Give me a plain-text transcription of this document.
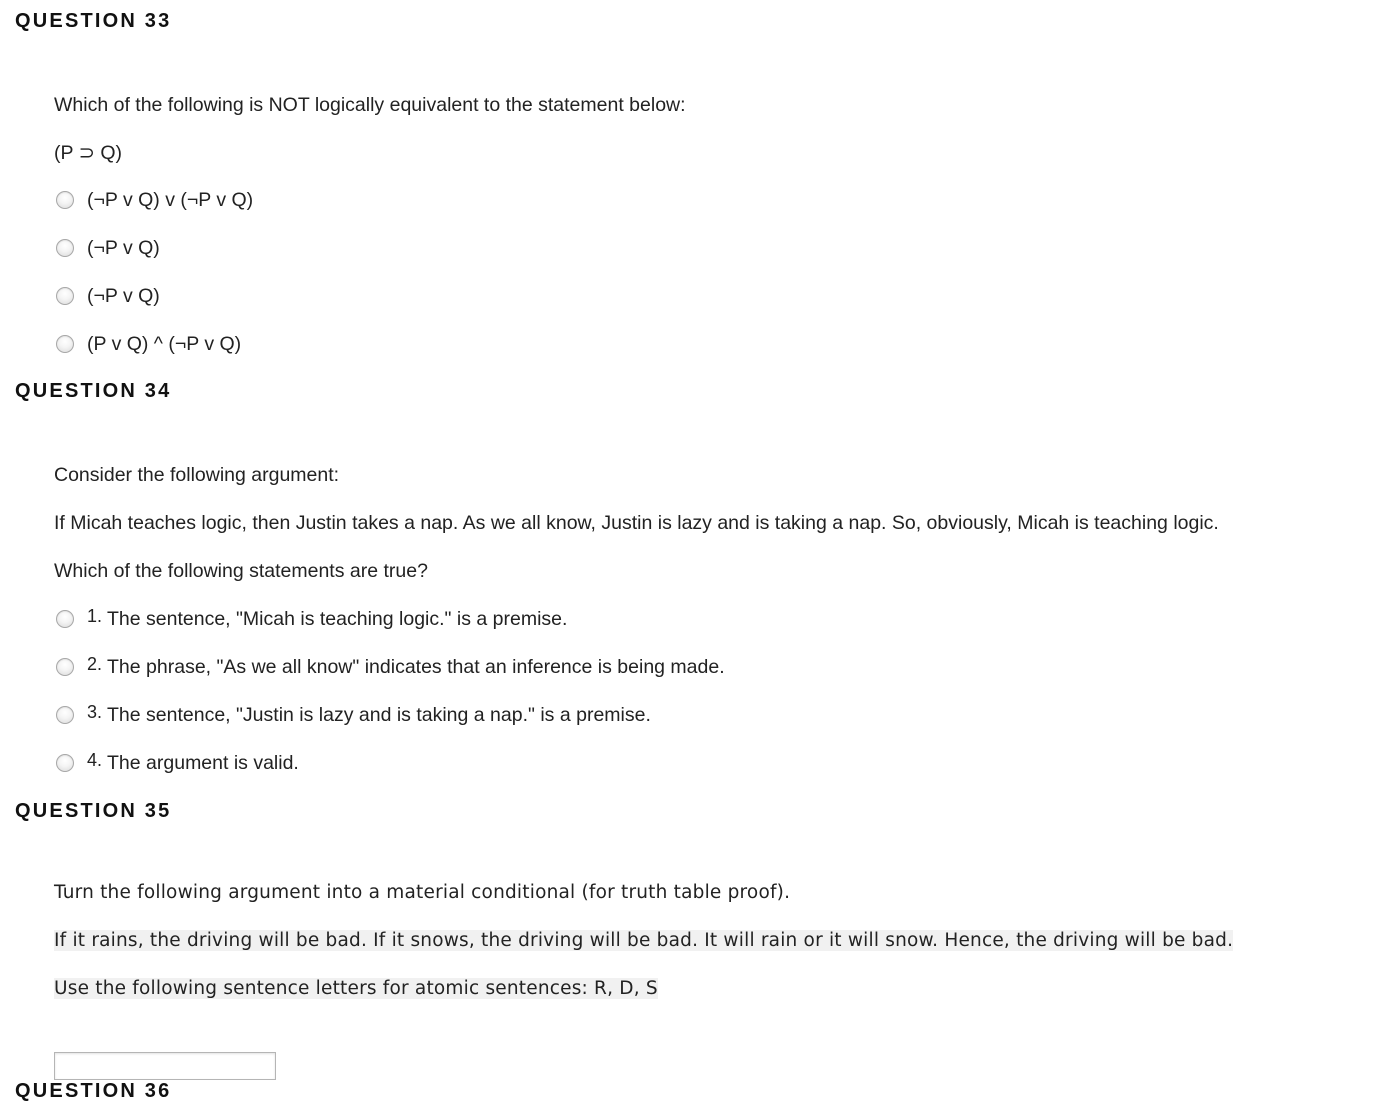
QUESTION 33
Which of the following is NOT logically equivalent to the statement below:
(P ⊃ Q)
(¬P v Q) v (¬P v Q)
(¬P v Q)
(¬P v Q)
(P v Q) ^ (¬P v Q)
QUESTION 34
Consider the following argument:
If Micah teaches logic, then Justin takes a nap. As we all know, Justin is lazy and is taking a nap. So, obviously, Micah is teaching logic.
Which of the following statements are true?
1. The sentence, "Micah is teaching logic." is a premise.
2. The phrase, "As we all know" indicates that an inference is being made.
3. The sentence, "Justin is lazy and is taking a nap." is a premise.
4. The argument is valid.
QUESTION 35
Turn the following argument into a material conditional (for truth table proof).
If it rains, the driving will be bad. If it snows, the driving will be bad. It will rain or it will snow. Hence, the driving will be bad.
Use the following sentence letters for atomic sentences: R, D, S
QUESTION 36
